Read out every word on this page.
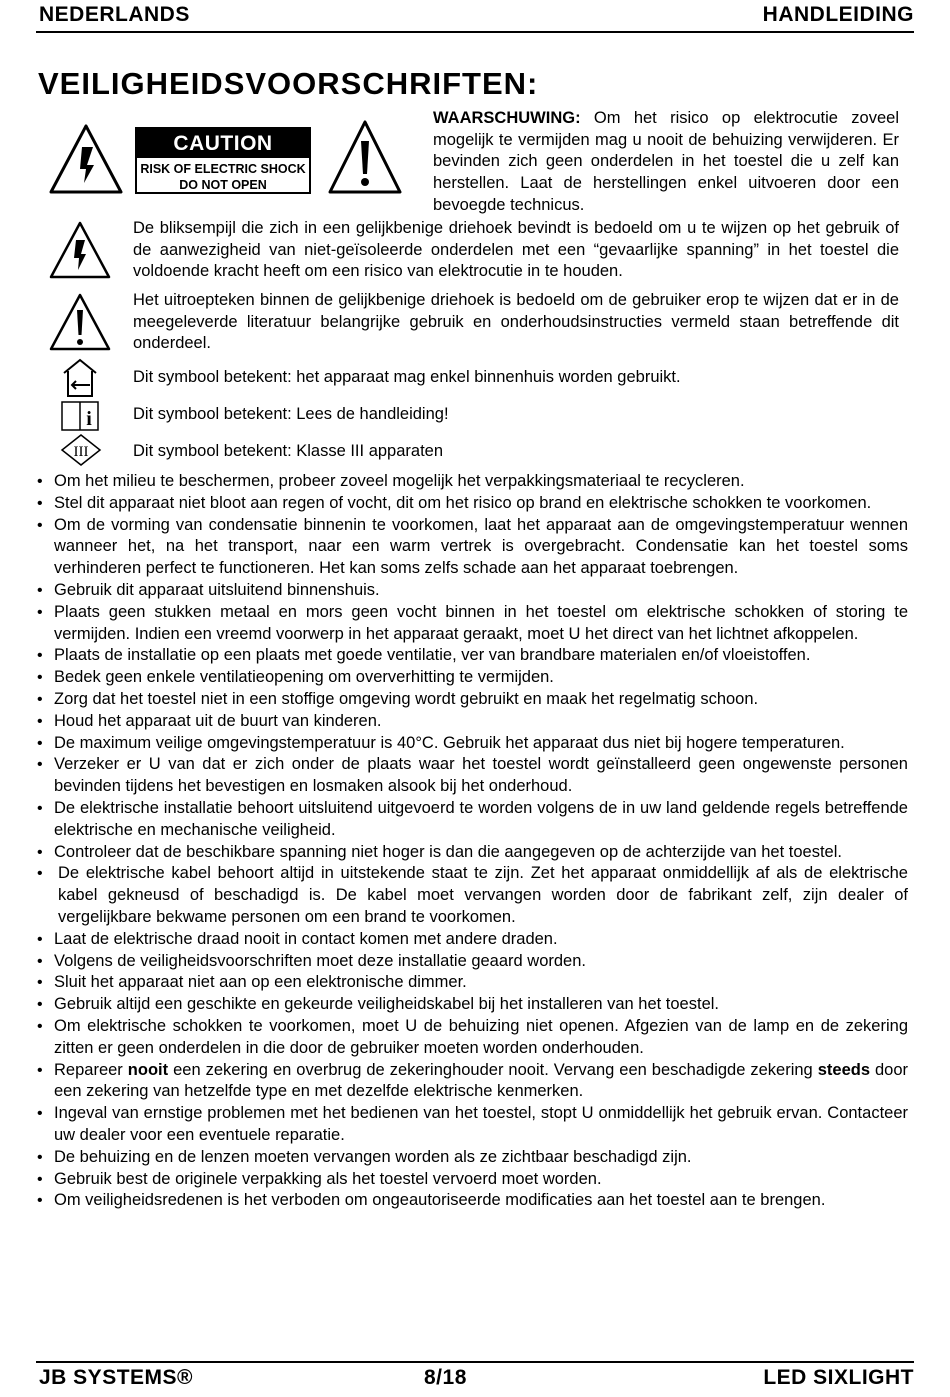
NEDERLANDS	HANDLEIDING
VEILIGHEIDSVOORSCHRIFTEN:
CAUTION
RISK OF ELECTRIC SHOCK
DO NOT OPEN
WAARSCHUWING: Om het risico op elektrocutie zoveel mogelijk te vermijden mag u nooit de behuizing verwijderen. Er bevinden zich geen onderdelen in het toestel die u zelf kan herstellen. Laat de herstellingen enkel uitvoeren door een bevoegde technicus.
De bliksempijl die zich in een gelijkbenige driehoek bevindt is bedoeld om u te wijzen op het gebruik of de aanwezigheid van niet-geïsoleerde onderdelen met een “gevaarlijke spanning” in het toestel die voldoende kracht heeft om een risico van elektrocutie in te houden.
Het uitroepteken binnen de gelijkbenige driehoek is bedoeld om de gebruiker erop te wijzen dat er in de meegeleverde literatuur belangrijke gebruik en onderhoudsinstructies vermeld staan betreffende dit onderdeel.
Dit symbool betekent: het apparaat mag enkel binnenhuis worden gebruikt.
i Dit symbool betekent: Lees de handleiding!
III	Dit symbool betekent: Klasse III apparaten
• Om het milieu te beschermen, probeer zoveel mogelijk het verpakkingsmateriaal te recycleren.
• Stel dit apparaat niet bloot aan regen of vocht, dit om het risico op brand en elektrische schokken te voorkomen.
• Om de vorming van condensatie binnenin te voorkomen, laat het apparaat aan de omgevingstemperatuur wennen wanneer het, na het transport, naar een warm vertrek is overgebracht. Condensatie kan het toestel soms verhinderen perfect te functioneren. Het kan soms zelfs schade aan het apparaat toebrengen.
• Gebruik dit apparaat uitsluitend binnenshuis.
• Plaats geen stukken metaal en mors geen vocht binnen in het toestel om elektrische schokken of storing te vermijden. Indien een vreemd voorwerp in het apparaat geraakt, moet U het direct van het lichtnet afkoppelen.
• Plaats de installatie op een plaats met goede ventilatie, ver van brandbare materialen en/of vloeistoffen.
• Bedek geen enkele ventilatieopening om oververhitting te vermijden.
• Zorg dat het toestel niet in een stoffige omgeving wordt gebruikt en maak het regelmatig schoon.
• Houd het apparaat uit de buurt van kinderen.
• De maximum veilige omgevingstemperatuur is 40°C. Gebruik het apparaat dus niet bij hogere temperaturen.
• Verzeker er U van dat er zich onder de plaats waar het toestel wordt geïnstalleerd geen ongewenste personen bevinden tijdens het bevestigen en losmaken alsook bij het onderhoud.
• De elektrische installatie behoort uitsluitend uitgevoerd te worden volgens de in uw land geldende regels betreffende elektrische en mechanische veiligheid.
• Controleer dat de beschikbare spanning niet hoger is dan die aangegeven op de achterzijde van het toestel.
• De elektrische kabel behoort altijd in uitstekende staat te zijn. Zet het apparaat onmiddellijk af als de elektrische kabel gekneusd of beschadigd is. De kabel moet vervangen worden door de fabrikant zelf, zijn dealer of vergelijkbare bekwame personen om een brand te voorkomen.
• Laat de elektrische draad nooit in contact komen met andere draden.
• Volgens de veiligheidsvoorschriften moet deze installatie geaard worden.
• Sluit het apparaat niet aan op een elektronische dimmer.
• Gebruik altijd een geschikte en gekeurde veiligheidskabel bij het installeren van het toestel.
• Om elektrische schokken te voorkomen, moet U de behuizing niet openen. Afgezien van de lamp en de zekering zitten er geen onderdelen in die door de gebruiker moeten worden onderhouden.
• Repareer nooit een zekering en overbrug de zekeringhouder nooit. Vervang een beschadigde zekering steeds door een zekering van hetzelfde type en met dezelfde elektrische kenmerken.
• Ingeval van ernstige problemen met het bedienen van het toestel, stopt U onmiddellijk het gebruik ervan. Contacteer uw dealer voor een eventuele reparatie.
• De behuizing en de lenzen moeten vervangen worden als ze zichtbaar beschadigd zijn.
• Gebruik best de originele verpakking als het toestel vervoerd moet worden.
• Om veiligheidsredenen is het verboden om ongeautoriseerde modificaties aan het toestel aan te brengen.
JB SYSTEMS®	8/18	LED SIXLIGHT
